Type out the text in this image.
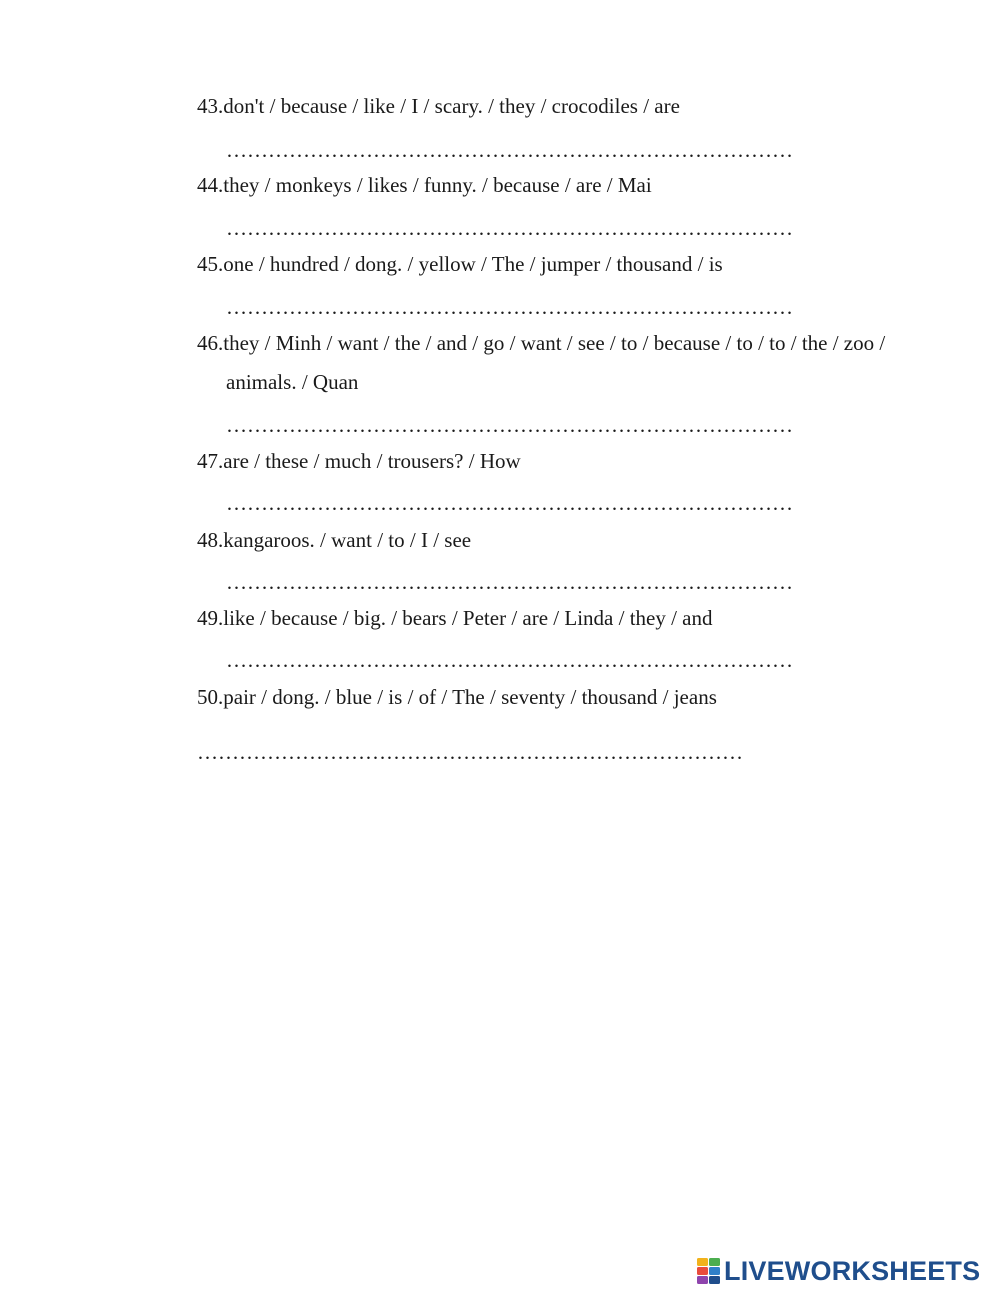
43.don't / because / like / I / scary. / they / crocodiles / are

………………………………………………………………………

44.they / monkeys / likes / funny. / because / are / Mai

………………………………………………………………………

45.one / hundred / dong. / yellow / The / jumper / thousand / is

………………………………………………………………………

46.they / Minh / want / the / and / go / want / see / to / because / to / to / the / zoo /

animals. / Quan

………………………………………………………………………

47.are / these / much / trousers? / How

………………………………………………………………………

48.kangaroos. / want / to / I / see

………………………………………………………………………

49.like / because / big. / bears / Peter / are / Linda / they / and

………………………………………………………………………

50.pair / dong. / blue / is / of / The / seventy / thousand / jeans

……………………………………………………………………

LIVEWORKSHEETS
